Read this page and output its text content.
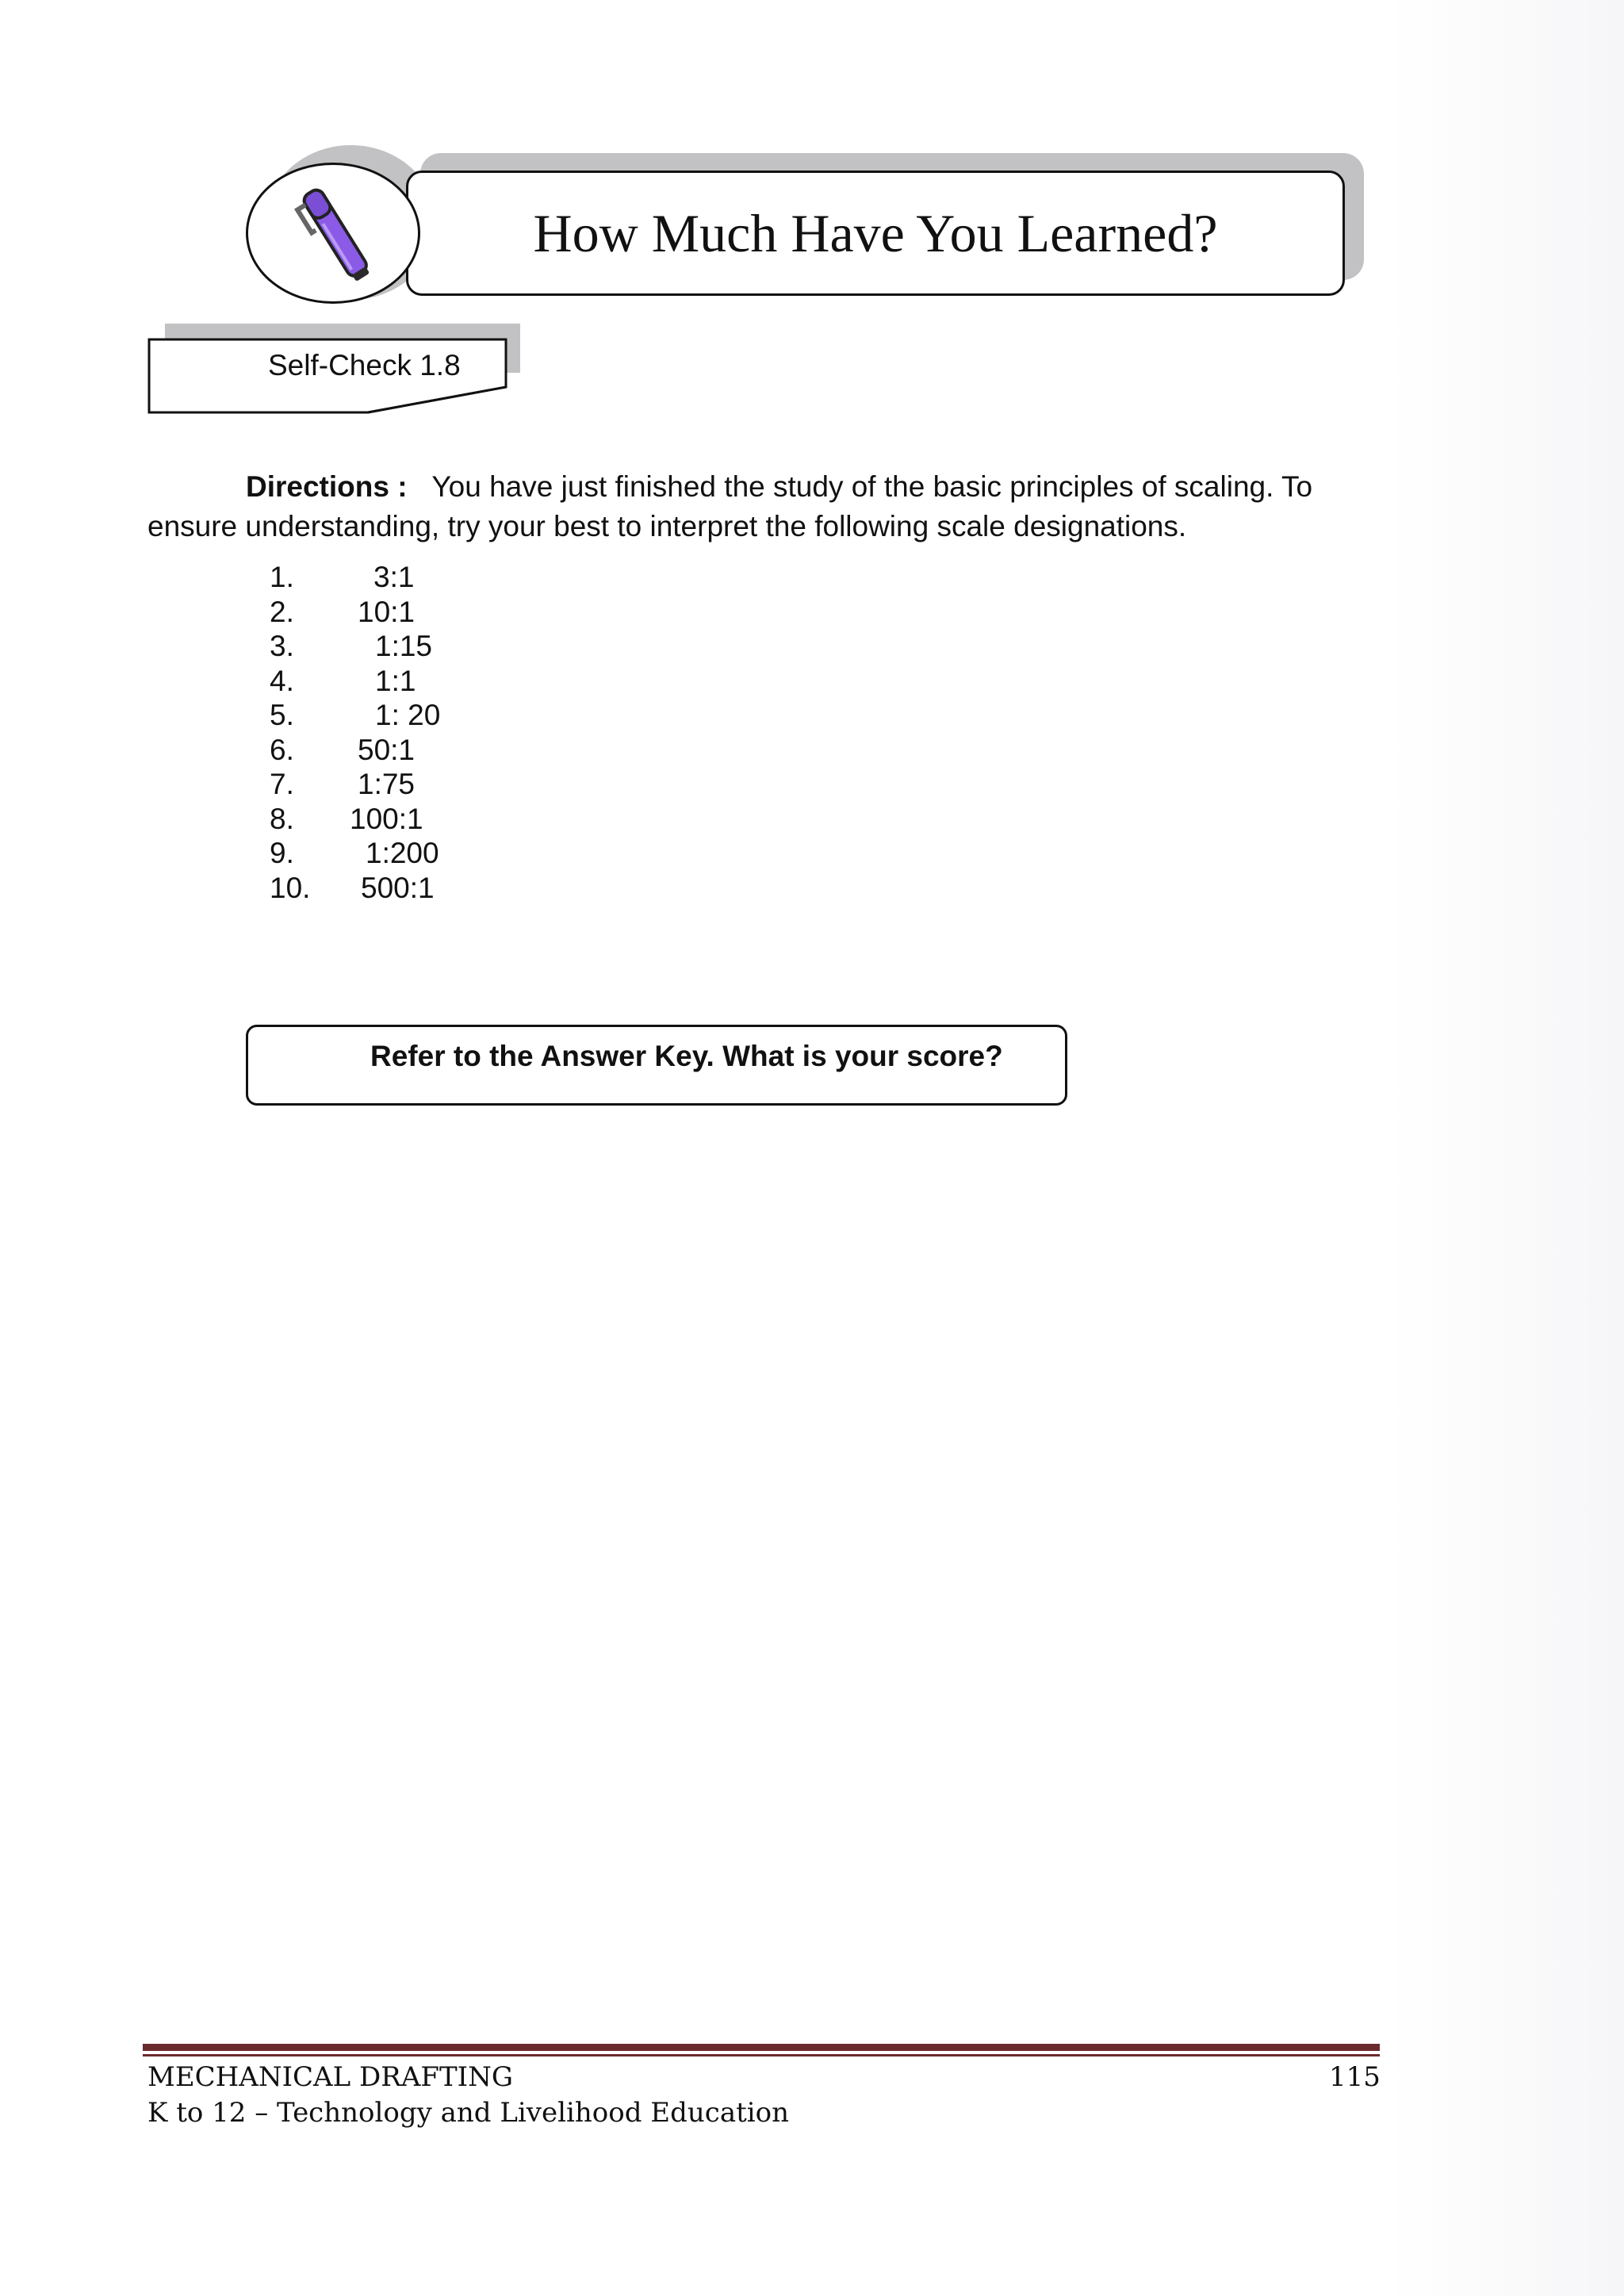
How Much Have You Learned?
Self-Check 1.8

Directions : You have just finished the study of the basic principles of scaling. To ensure understanding, try your best to interpret the following scale designations.

1.	3:1
2. 10:1
3.	1:15
4.	1:1
5.	1: 20
6. 50:1
7. 1:75
8. 100:1
9. 1:200
10. 500:1
Refer to the Answer Key. What is your score?
MECHANICAL DRAFTING
K to 12 – Technology and Livelihood Education
115
